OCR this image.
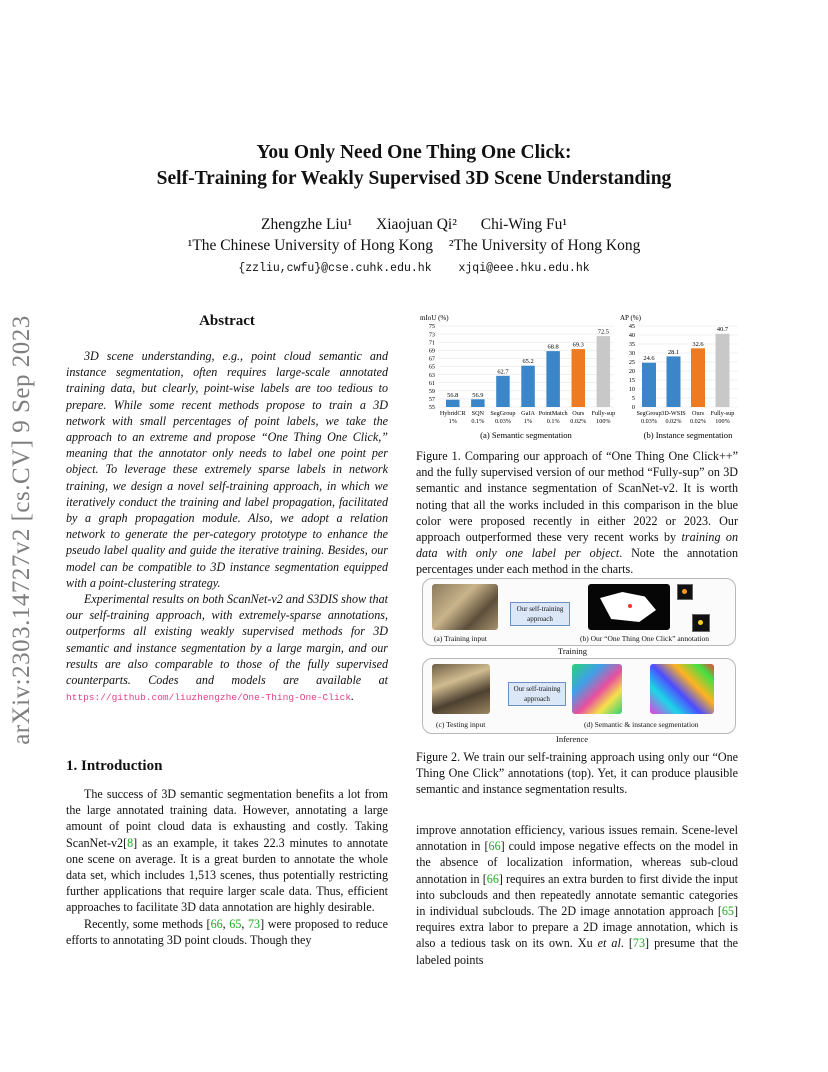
arXiv:2303.14727v2 [cs.CV] 9 Sep 2023
You Only Need One Thing One Click:
Self-Training for Weakly Supervised 3D Scene Understanding
Zhengzhe Liu¹ Xiaojuan Qi² Chi-Wing Fu¹
¹The Chinese University of Hong Kong ²The University of Hong Kong
{zzliu,cwfu}@cse.cuhk.edu.hk xjqi@eee.hku.edu.hk
Abstract

3D scene understanding, e.g., point cloud semantic and instance segmentation, often requires large-scale annotated training data, but clearly, point-wise labels are too tedious to prepare. While some recent methods propose to train a 3D network with small percentages of point labels, we take the approach to an extreme and propose “One Thing One Click,” meaning that the annotator only needs to label one point per object. To leverage these extremely sparse labels in network training, we design a novel self-training approach, in which we iteratively conduct the training and label propagation, facilitated by a graph propagation module. Also, we adopt a relation network to generate the per-category prototype to enhance the pseudo label quality and guide the iterative training. Besides, our model can be compatible to 3D instance segmentation equipped with a point-clustering strategy.

Experimental results on both ScanNet-v2 and S3DIS show that our self-training approach, with extremely-sparse annotations, outperforms all existing weakly supervised methods for 3D semantic and instance segmentation by a large margin, and our results are also comparable to those of the fully supervised counterparts. Codes and models are available at https://github.com/liuzhengzhe/One-Thing-One-Click.

1. Introduction

The success of 3D semantic segmentation benefits a lot from the large annotated training data. However, annotating a large amount of point cloud data is exhausting and costly. Taking ScanNet-v2[8] as an example, it takes 22.3 minutes to annotate one scene on average. It is a great burden to annotate the whole data set, which includes 1,513 scenes, thus potentially restricting further applications that require larger scale data. Thus, efficient approaches to facilitate 3D data annotation are highly desirable.

Recently, some methods [66, 65, 73] were proposed to reduce efforts to annotating 3D point clouds. Though they

mIoU (%)
55
57
59
61
63
65
67
69
71
73
75
56.8
HybridCR
1%
56.9
SQN
0.1%
62.7
SegGroup
0.03%
65.2
GaIA
1%
68.8
PointMatch
0.1%
69.3
Ours
0.02%
72.5
Fully-sup
100%
(a) Semantic segmentation
AP (%)
0
5
10
15
20
25
30
35
40
45
24.6
SegGroup
0.03%
28.1
3D-WSIS
0.02%
32.6
Ours
0.02%
40.7
Fully-sup
100%
(b) Instance segmentation
Figure 1. Comparing our approach of “One Thing One Click++” and the fully supervised version of our method “Fully-sup” on 3D semantic and instance segmentation of ScanNet-v2. It is worth noting that all the works included in this comparison in the blue color were proposed recently in either 2022 or 2023. Our approach outperformed these very recent works by training on data with only one label per object. Note the annotation percentages under each method in the charts.
Our self-training approach
(a) Training input	(b) Our “One Thing One Click” annotation
Training
Our self-training approach
(c) Testing input	(d) Semantic & instance segmentation
Inference
Figure 2. We train our self-training approach using only our “One Thing One Click” annotations (top). Yet, it can produce plausible semantic and instance segmentation results.
improve annotation efficiency, various issues remain. Scene-level annotation in [66] could impose negative effects on the model in the absence of localization information, whereas sub-cloud annotation in [66] requires an extra burden to first divide the input into subclouds and then repeatedly annotate semantic categories in individual subclouds. The 2D image annotation approach [65] requires extra labor to prepare a 2D image annotation, which is also a tedious task on its own. Xu et al. [73] presume that the labeled points
